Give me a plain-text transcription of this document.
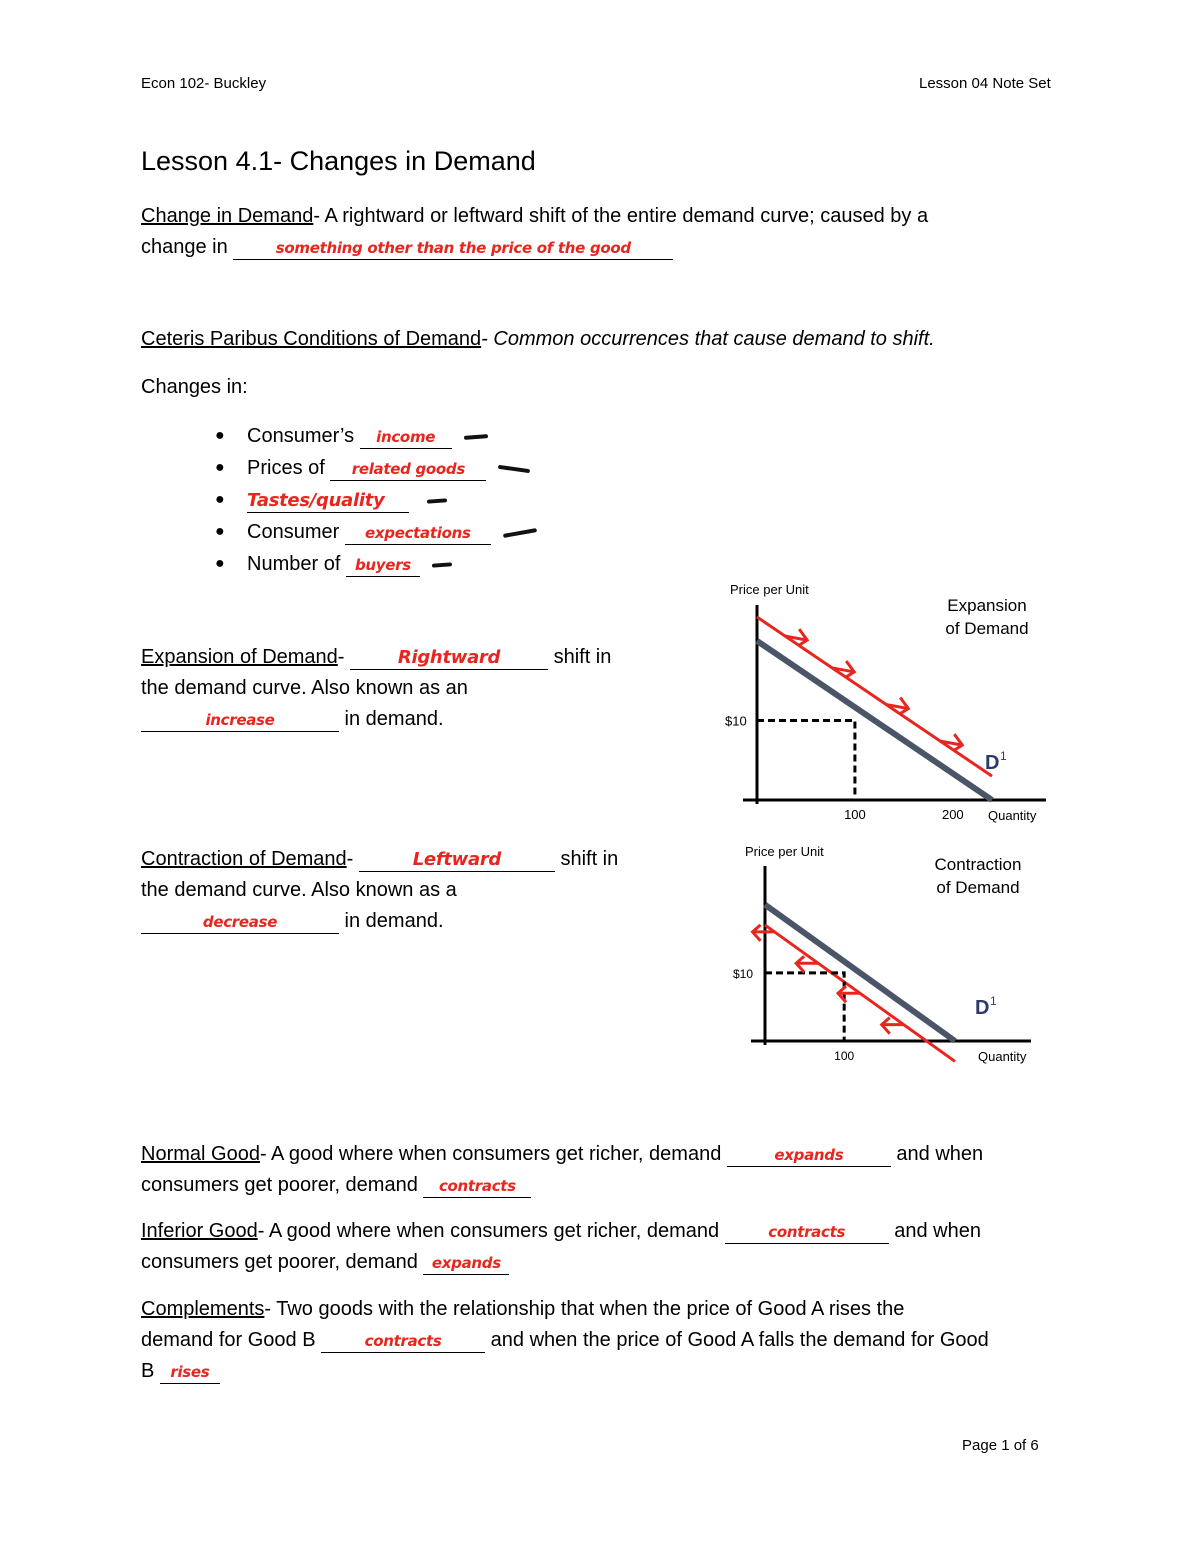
Econ 102- Buckley	Lesson 04 Note Set
Lesson 4.1- Changes in Demand
Change in Demand- A rightward or leftward shift of the entire demand curve; caused by a
change in	something other than the price of the good
Ceteris Paribus Conditions of Demand- Common occurrences that cause demand to shift.
Changes in:
● Consumer’s income
● Prices of related goods
● Tastes/quality
● Consumer expectations
● Number of buyers
Expansion of Demand-	Rightward shift in
the demand curve. Also known as an
increase	in demand.
Contraction of Demand-	Leftward	shift in
the demand curve. Also known as a
decrease	in demand.
Price per Unit
Quantity
Expansion
of Demand
$10
100	200
D 1
Price per Unit
Quantity
Contraction
of Demand
$10
100
D 1
Normal Good- A good where when consumers get richer, demand	expands and when
consumers get poorer, demand contracts
Inferior Good- A good where when consumers get richer, demand	contracts and when
consumers get poorer, demand expands
Complements- Two goods with the relationship that when the price of Good A rises the
demand for Good B	contracts and when the price of Good A falls the demand for Good
B rises
Page 1 of 6
